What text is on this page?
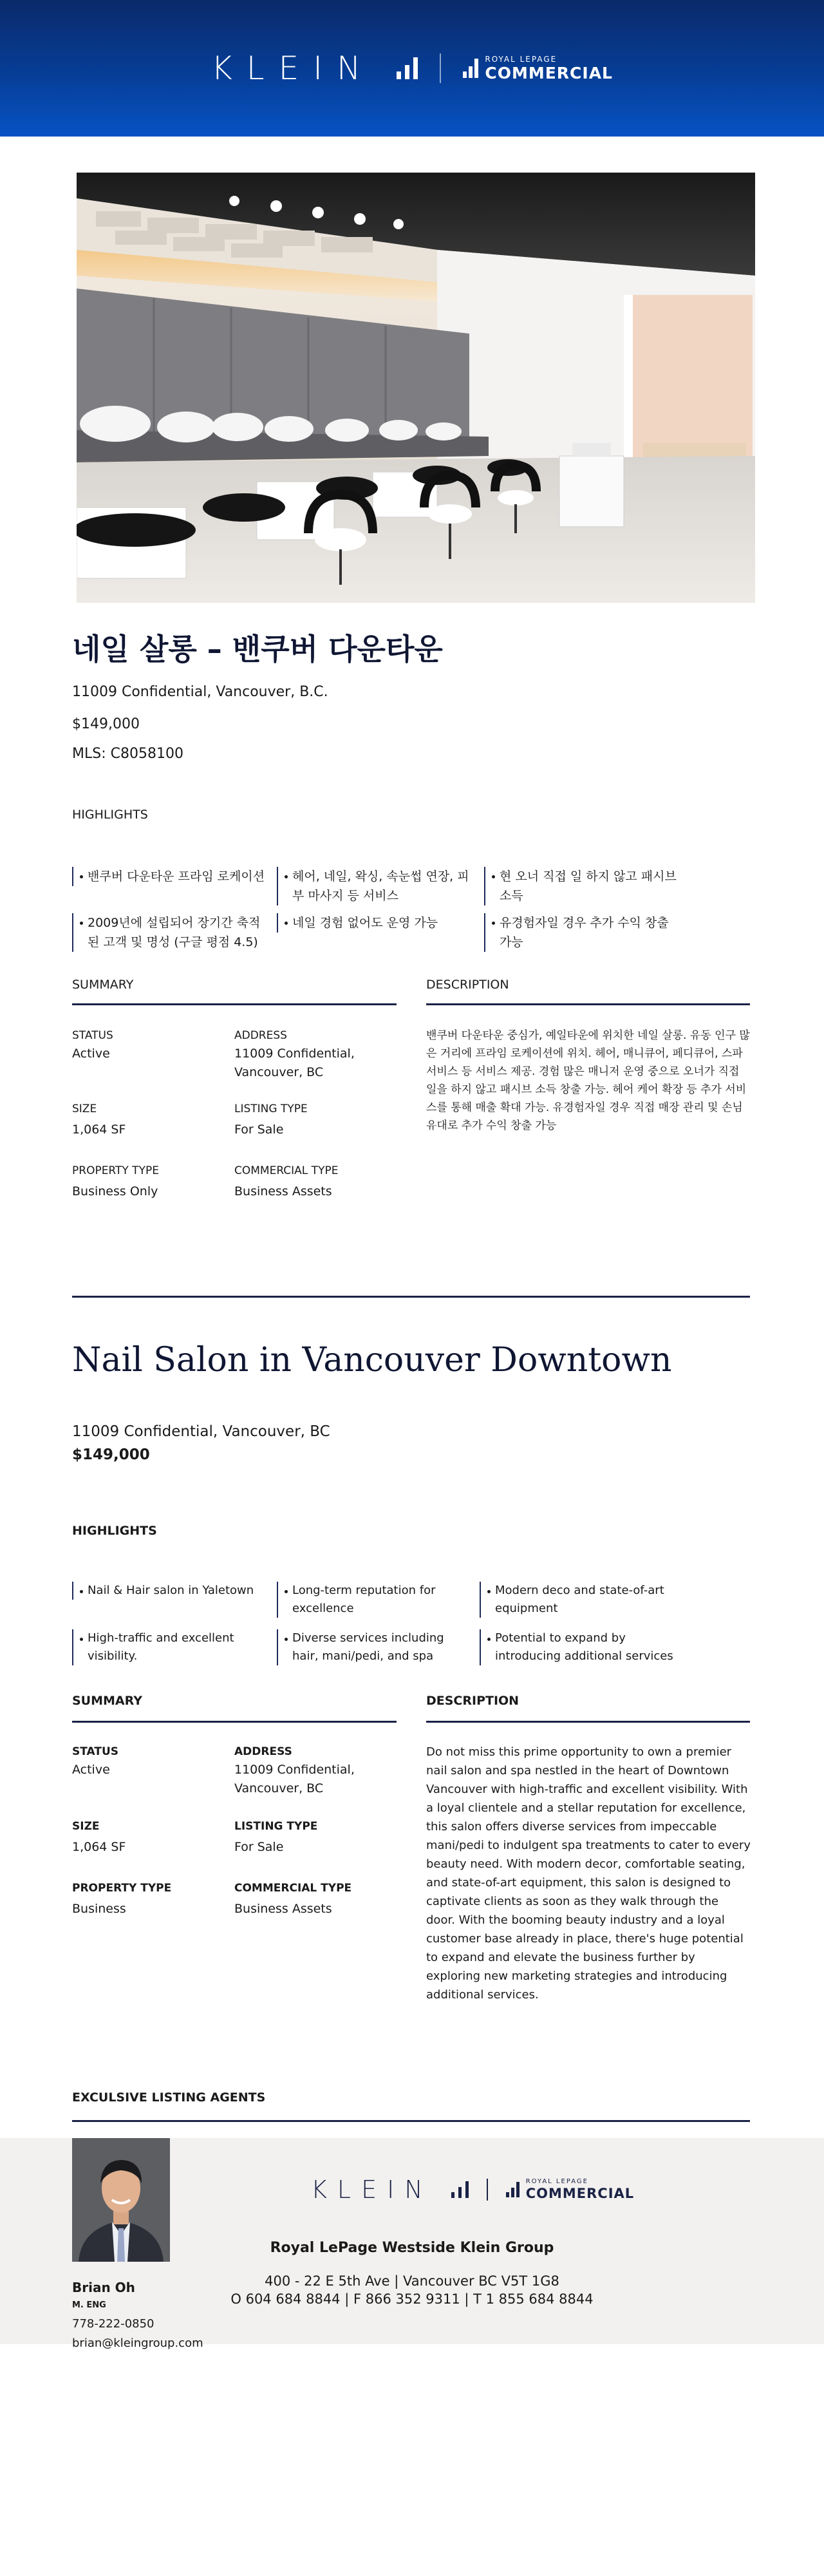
KLEIN	ROYAL LEPAGE
COMMERCIAL
네일 살롱 – 밴쿠버 다운타운
11009 Confidential, Vancouver, B.C.
$149,000
MLS: C8058100
HIGHLIGHTS
밴쿠버 다운타운 프라임 로케이션	헤어, 네일, 왁싱, 속눈썹 연장, 피부 마사지 등 서비스
현 오너 직접 일 하지 않고 패시브 소득
2009년에 설립되어 장기간 축적된 고객 및 명성 (구글 평점 4.5)
네일 경험 없어도 운영 가능	유경험자일 경우 추가 수익 창출 가능
SUMMARY	DESCRIPTION
STATUS
Active
ADDRESS
11009 Confidential, Vancouver, BC
SIZE
1,064 SF
LISTING TYPE
For Sale
PROPERTY TYPE
Business Only
COMMERCIAL TYPE
Business Assets
밴쿠버 다운타운 중심가, 예일타운에 위치한 네일 살롱. 유동 인구 많은 거리에 프라임 로케이션에 위치. 헤어, 매니큐어, 페디큐어, 스파 서비스 등 서비스 제공. 경험 많은 매니저 운영 중으로 오너가 직접 일을 하지 않고 패시브 소득 창출 가능. 헤어 케어 확장 등 추가 서비스를 통해 매출 확대 가능. 유경험자일 경우 직접 매장 관리 및 손님 유대로 추가 수익 창출 가능
Nail Salon in Vancouver Downtown
11009 Confidential, Vancouver, BC
$149,000
HIGHLIGHTS
Nail & Hair salon in Yaletown	Long-term reputation for excellence
Modern deco and state-of-art equipment
High-traffic and excellent visibility.
Diverse services including hair, mani/pedi, and spa
Potential to expand by introducing additional services
SUMMARY	DESCRIPTION
STATUS
Active
ADDRESS
11009 Confidential, Vancouver, BC
SIZE
1,064 SF
LISTING TYPE
For Sale
PROPERTY TYPE
Business
COMMERCIAL TYPE
Business Assets
Do not miss this prime opportunity to own a premier nail salon and spa nestled in the heart of Downtown Vancouver with high-traffic and excellent visibility. With a loyal clientele and a stellar reputation for excellence, this salon offers diverse services from impeccable mani/pedi to indulgent spa treatments to cater to every beauty need. With modern decor, comfortable seating, and state-of-art equipment, this salon is designed to captivate clients as soon as they walk through the door. With the booming beauty industry and a loyal customer base already in place, there's huge potential to expand and elevate the business further by exploring new marketing strategies and introducing additional services.
EXCULSIVE LISTING AGENTS
Brian Oh
M. ENG
778-222-0850
brian@kleingroup.com
KLEIN	ROYAL LEPAGE
COMMERCIAL
Royal LePage Westside Klein Group
400 - 22 E 5th Ave | Vancouver BC V5T 1G8
O 604 684 8844 | F 866 352 9311 | T 1 855 684 8844
